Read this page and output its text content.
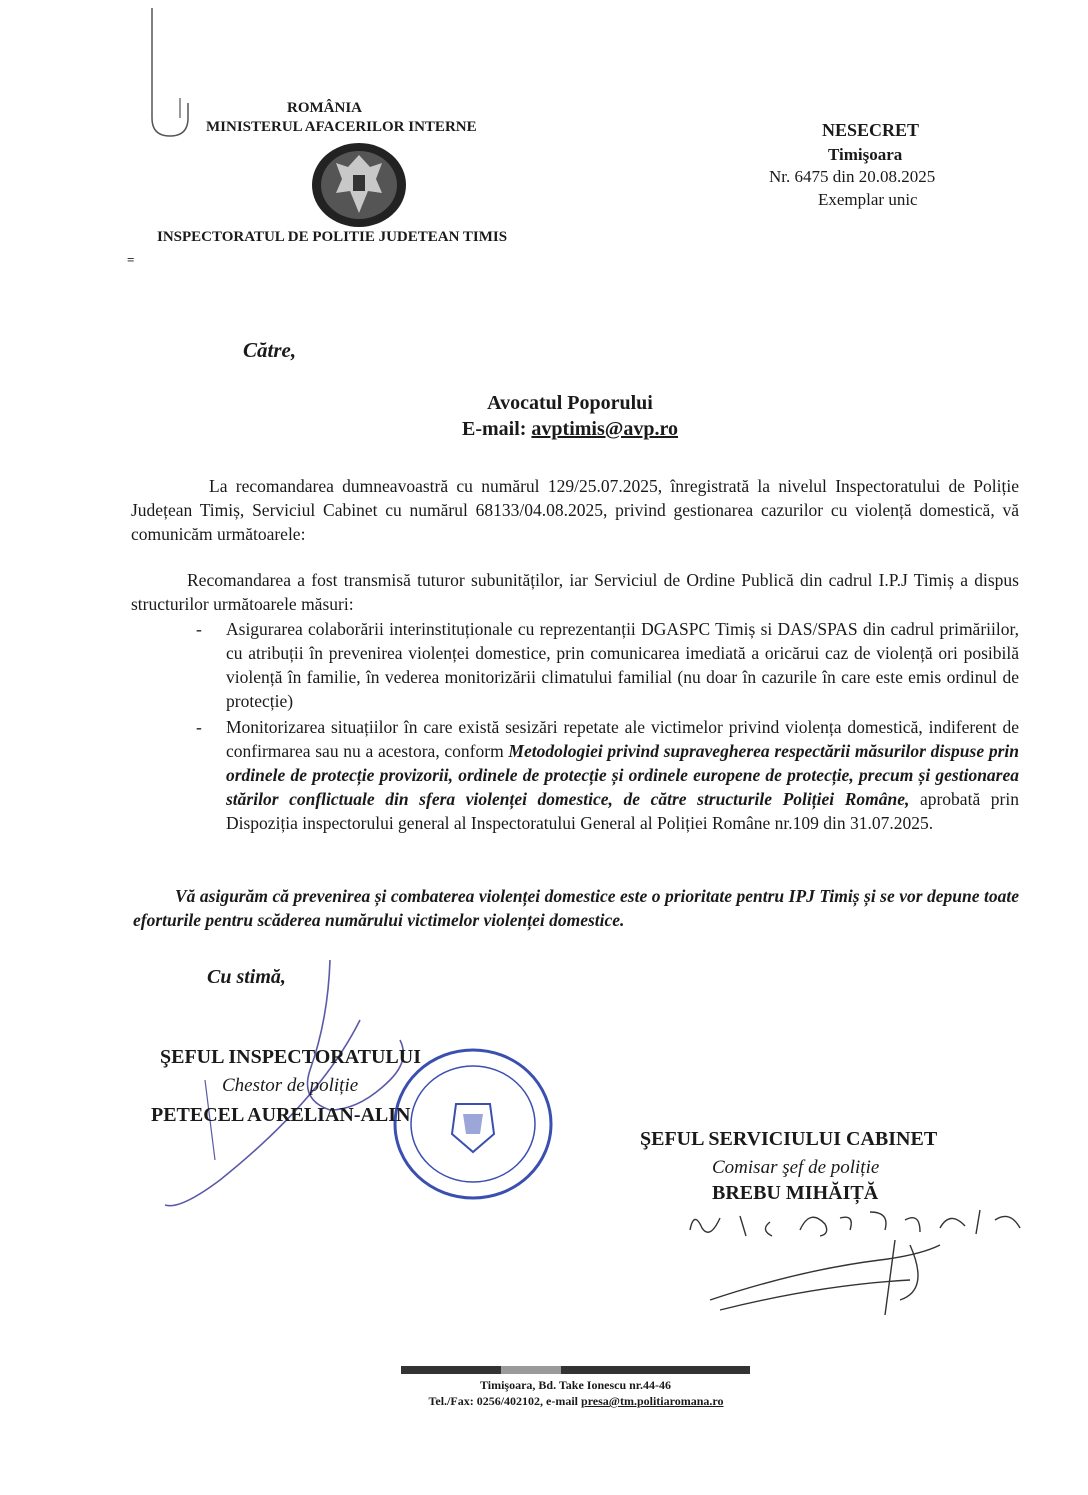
ROMÂNIA
MINISTERUL AFACERILOR INTERNE
INSPECTORATUL DE POLITIE JUDETEAN TIMIS
=
NESECRET
Timişoara
Nr. 6475 din 20.08.2025
Exemplar unic
Către,
Avocatul Poporului
E-mail: avptimis@avp.ro
La recomandarea dumneavoastră cu numărul 129/25.07.2025, înregistrată la nivelul Inspectoratului de Poliție Județean Timiș, Serviciul Cabinet cu numărul 68133/04.08.2025, privind gestionarea cazurilor cu violență domestică, vă comunicăm următoarele:
Recomandarea a fost transmisă tuturor subunităților, iar Serviciul de Ordine Publică din cadrul I.P.J Timiș a dispus structurilor următoarele măsuri:
- Asigurarea colaborării interinstituționale cu reprezentanții DGASPC Timiș si DAS/SPAS din cadrul primăriilor, cu atribuții în prevenirea violenței domestice, prin comunicarea imediată a oricărui caz de violență ori posibilă violență în familie, în vederea monitorizării climatului familial (nu doar în cazurile în care este emis ordinul de protecție)
- Monitorizarea situațiilor în care există sesizări repetate ale victimelor privind violența domestică, indiferent de confirmarea sau nu a acestora, conform Metodologiei privind supravegherea respectării măsurilor dispuse prin ordinele de protecție provizorii, ordinele de protecție și ordinele europene de protecție, precum și gestionarea stărilor conflictuale din sfera violenței domestice, de către structurile Poliției Române, aprobată prin Dispoziția inspectorului general al Inspectoratului General al Poliției Române nr.109 din 31.07.2025.
Vă asigurăm că prevenirea și combaterea violenței domestice este o prioritate pentru IPJ Timiș și se vor depune toate eforturile pentru scăderea numărului victimelor violenței domestice.
Cu stimă,
ŞEFUL INSPECTORATULUI
Chestor de poliție
PETECEL AURELIAN-ALIN
ŞEFUL SERVICIULUI CABINET
Comisar şef de poliție
BREBU MIHĂIȚĂ
Timişoara, Bd. Take Ionescu nr.44-46
Tel./Fax: 0256/402102, e-mail presa@tm.politiaromana.ro
